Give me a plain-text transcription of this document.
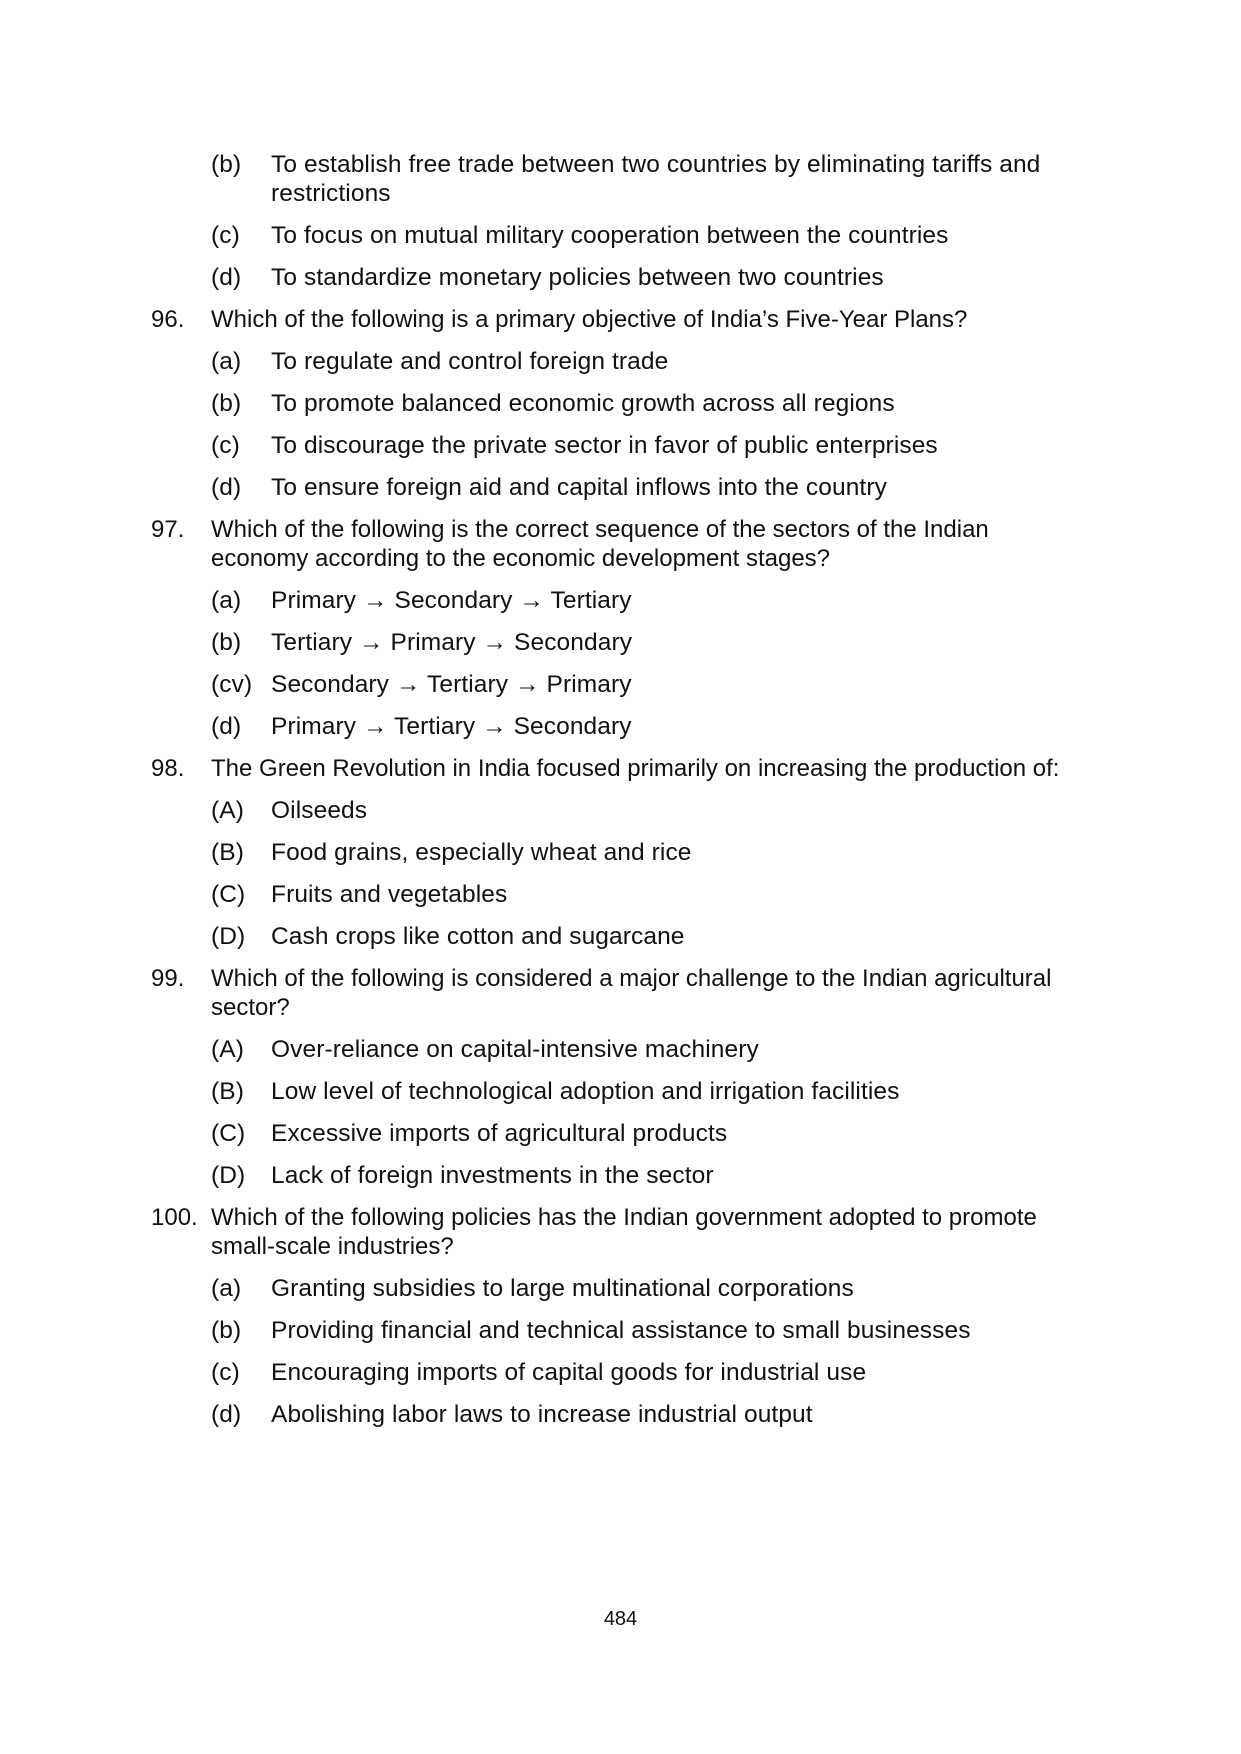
(b)	To establish free trade between two countries by eliminating tariffs and restrictions
(c)	To focus on mutual military cooperation between the countries
(d)	To standardize monetary policies between two countries
96.	Which of the following is a primary objective of India’s Five-Year Plans?
(a)	To regulate and control foreign trade
(b)	To promote balanced economic growth across all regions
(c)	To discourage the private sector in favor of public enterprises
(d)	To ensure foreign aid and capital inflows into the country
97.	Which of the following is the correct sequence of the sectors of the Indian economy according to the economic development stages?
(a)	Primary → Secondary → Tertiary
(b)	Tertiary → Primary → Secondary
(cv) Secondary → Tertiary → Primary
(d)	Primary → Tertiary → Secondary
98.	The Green Revolution in India focused primarily on increasing the production of:
(A)	Oilseeds
(B)	Food grains, especially wheat and rice
(C)	Fruits and vegetables
(D)	Cash crops like cotton and sugarcane
99.	Which of the following is considered a major challenge to the Indian agricultural sector?
(A)	Over-reliance on capital-intensive machinery
(B)	Low level of technological adoption and irrigation facilities
(C)	Excessive imports of agricultural products
(D)	Lack of foreign investments in the sector
100. Which of the following policies has the Indian government adopted to promote small-scale industries?
(a)	Granting subsidies to large multinational corporations
(b)	Providing financial and technical assistance to small businesses
(c)	Encouraging imports of capital goods for industrial use
(d)	Abolishing labor laws to increase industrial output
484
